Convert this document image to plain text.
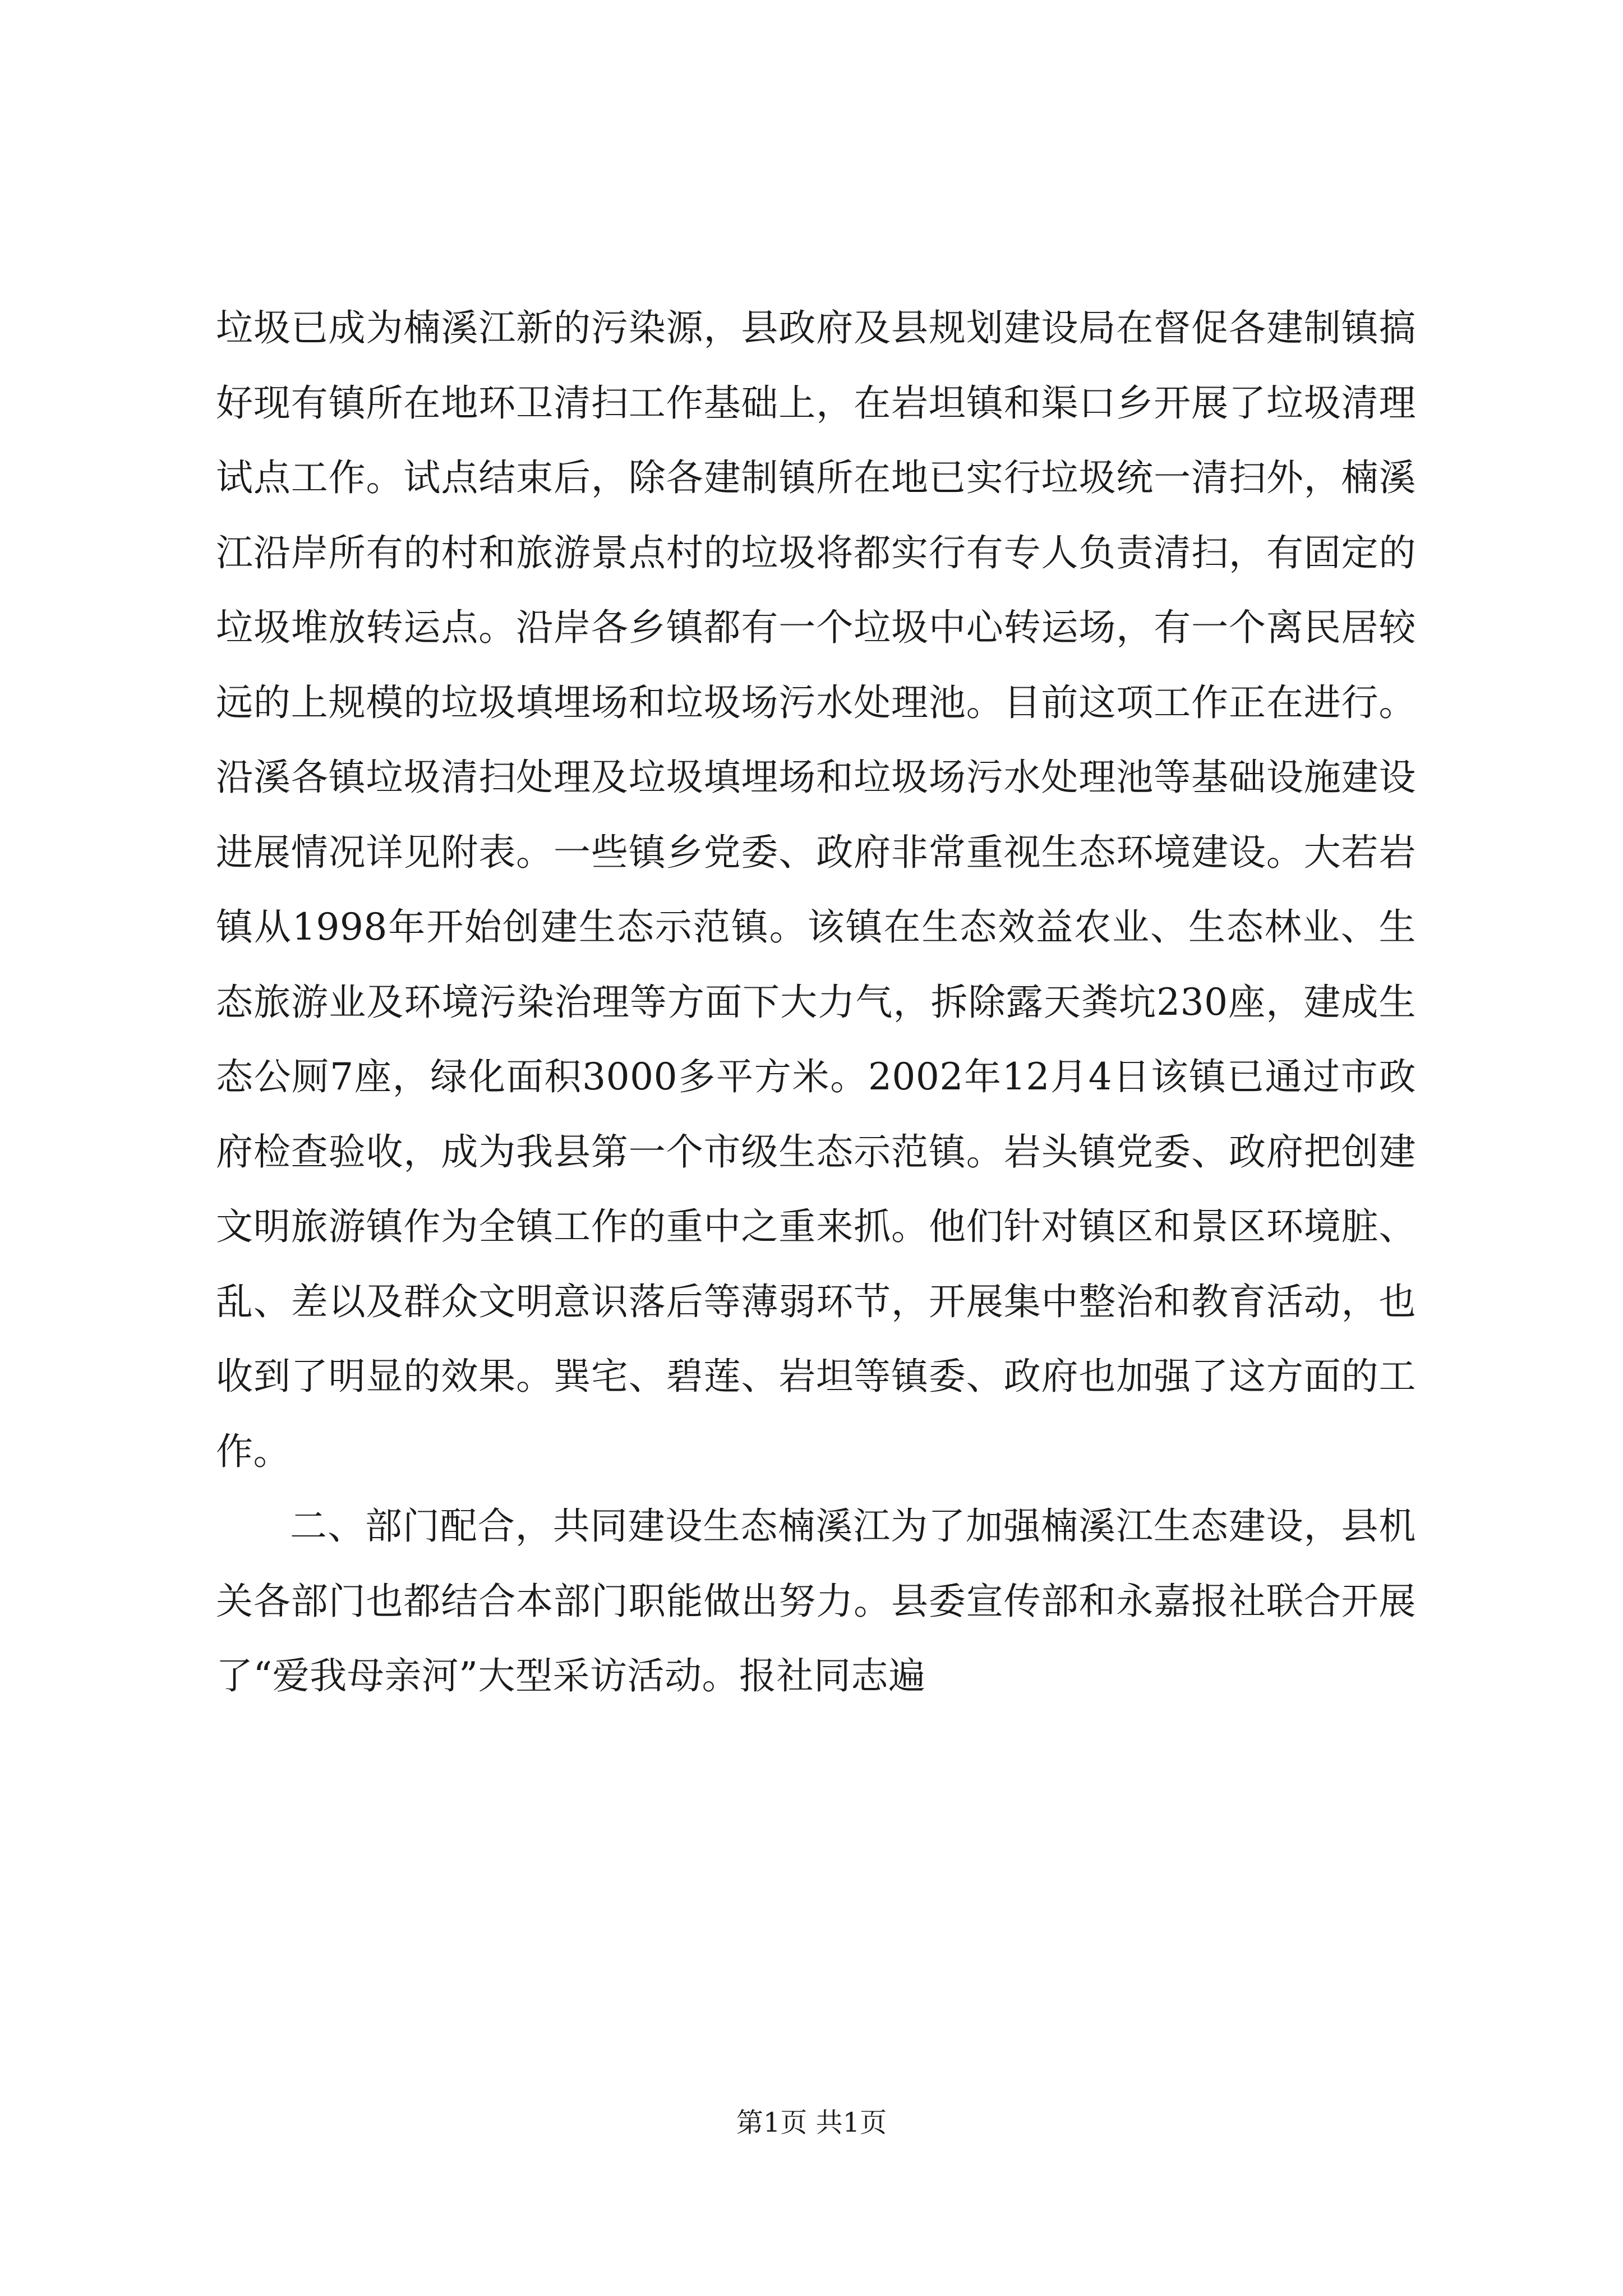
垃圾已成为楠溪江新的污染源，县政府及县规划建设局在督促各建制镇搞好现有镇所在地环卫清扫工作基础上，在岩坦镇和渠口乡开展了垃圾清理试点工作。试点结束后，除各建制镇所在地已实行垃圾统一清扫外，楠溪江沿岸所有的村和旅游景点村的垃圾将都实行有专人负责清扫，有固定的垃圾堆放转运点。沿岸各乡镇都有一个垃圾中心转运场，有一个离民居较远的上规模的垃圾填埋场和垃圾场污水处理池。目前这项工作正在进行。沿溪各镇垃圾清扫处理及垃圾填埋场和垃圾场污水处理池等基础设施建设进展情况详见附表。一些镇乡党委、政府非常重视生态环境建设。大若岩镇从1998年开始创建生态示范镇。该镇在生态效益农业、生态林业、生态旅游业及环境污染治理等方面下大力气，拆除露天粪坑230座，建成生态公厕7座，绿化面积3000多平方米。2002年12月4日该镇已通过市政府检查验收，成为我县第一个市级生态示范镇。岩头镇党委、政府把创建文明旅游镇作为全镇工作的重中之重来抓。他们针对镇区和景区环境脏、乱、差以及群众文明意识落后等薄弱环节，开展集中整治和教育活动，也收到了明显的效果。巽宅、碧莲、岩坦等镇委、政府也加强了这方面的工作。

二、部门配合，共同建设生态楠溪江为了加强楠溪江生态建设，县机关各部门也都结合本部门职能做出努力。县委宣传部和永嘉报社联合开展了“爱我母亲河”大型采访活动。报社同志遍

第1页 共1页
